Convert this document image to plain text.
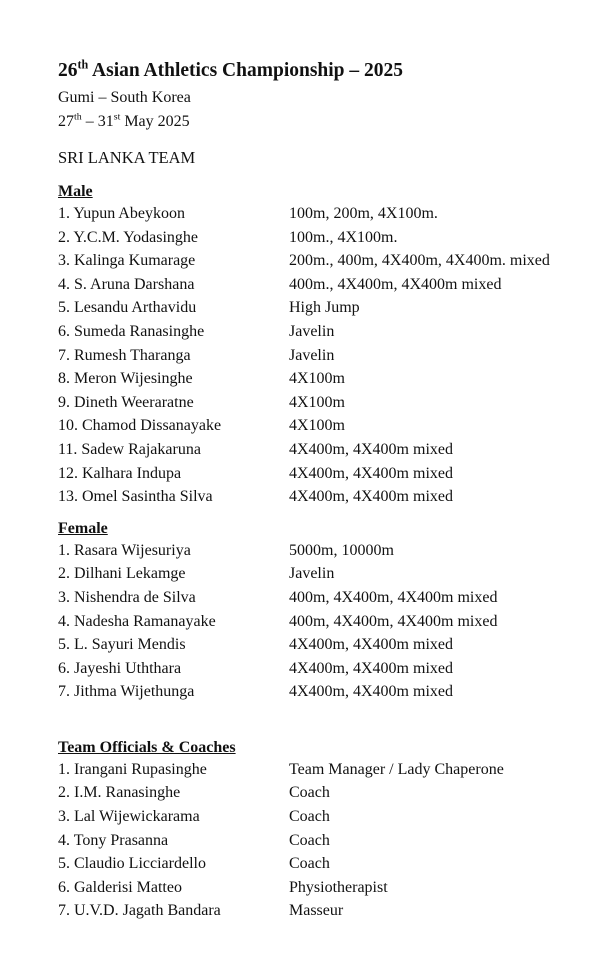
26th Asian Athletics Championship – 2025
Gumi – South Korea
27th – 31st May 2025
SRI LANKA TEAM
Male
1. Yupun Abeykoon	100m, 200m, 4X100m.
2. Y.C.M. Yodasinghe	100m., 4X100m.
3. Kalinga Kumarage	200m., 400m, 4X400m, 4X400m. mixed
4. S. Aruna Darshana	400m., 4X400m, 4X400m mixed
5. Lesandu Arthavidu	High Jump
6. Sumeda Ranasinghe	Javelin
7. Rumesh Tharanga	Javelin
8. Meron Wijesinghe	4X100m
9. Dineth Weeraratne	4X100m
10. Chamod Dissanayake	4X100m
11. Sadew Rajakaruna	4X400m, 4X400m mixed
12. Kalhara Indupa	4X400m, 4X400m mixed
13. Omel Sasintha Silva	4X400m, 4X400m mixed
Female
1. Rasara Wijesuriya	5000m, 10000m
2. Dilhani Lekamge	Javelin
3. Nishendra de Silva	400m, 4X400m, 4X400m mixed
4. Nadesha Ramanayake	400m, 4X400m, 4X400m mixed
5. L. Sayuri Mendis	4X400m, 4X400m mixed
6. Jayeshi Uththara	4X400m, 4X400m mixed
7. Jithma Wijethunga	4X400m, 4X400m mixed
Team Officials & Coaches
1. Irangani Rupasinghe	Team Manager / Lady Chaperone
2. I.M. Ranasinghe	Coach
3. Lal Wijewickarama	Coach
4. Tony Prasanna	Coach
5. Claudio Licciardello	Coach
6. Galderisi Matteo	Physiotherapist
7. U.V.D. Jagath Bandara	Masseur
